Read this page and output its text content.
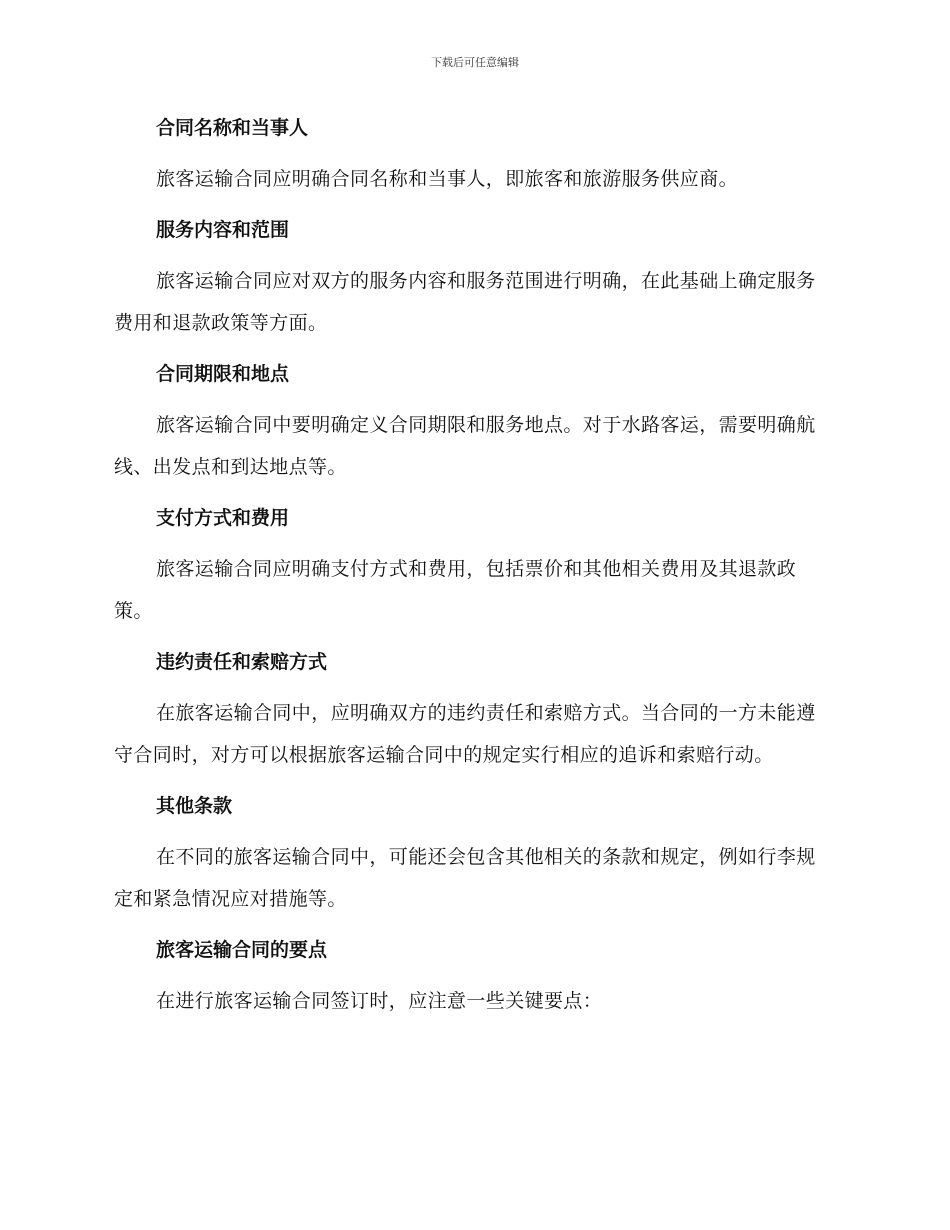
下载后可任意编辑
合同名称和当事人
旅客运输合同应明确合同名称和当事人，即旅客和旅游服务供应商。
服务内容和范围
旅客运输合同应对双方的服务内容和服务范围进行明确，在此基础上确定服务费用和退款政策等方面。
合同期限和地点
旅客运输合同中要明确定义合同期限和服务地点。对于水路客运，需要明确航线、出发点和到达地点等。
支付方式和费用
旅客运输合同应明确支付方式和费用，包括票价和其他相关费用及其退款政策。
违约责任和索赔方式
在旅客运输合同中，应明确双方的违约责任和索赔方式。当合同的一方未能遵守合同时，对方可以根据旅客运输合同中的规定实行相应的追诉和索赔行动。
其他条款
在不同的旅客运输合同中，可能还会包含其他相关的条款和规定，例如行李规定和紧急情况应对措施等。
旅客运输合同的要点
在进行旅客运输合同签订时，应注意一些关键要点：
